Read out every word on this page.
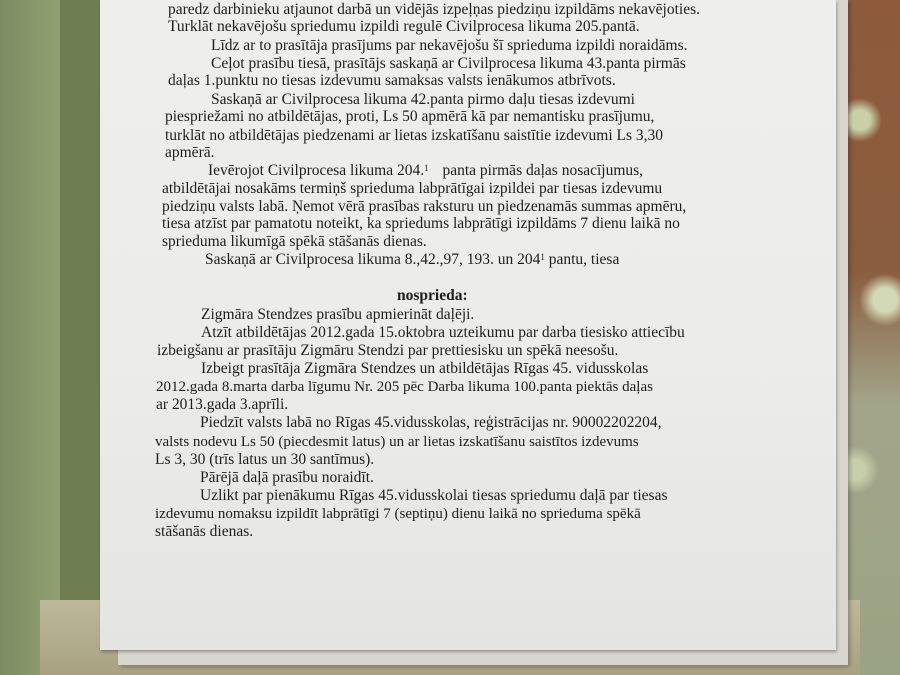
paredz darbinieku atjaunot darbā un vidējās izpeļņas piedziņu izpildāms nekavējoties.
Turklāt nekavējošu spriedumu izpildi regulē Civilprocesa likuma 205.pantā.
Līdz ar to prasītāja prasījums par nekavējošu šī sprieduma izpildi noraidāms.
Ceļot prasību tiesā, prasītājs saskaņā ar Civilprocesa likuma 43.panta pirmās
daļas 1.punktu no tiesas izdevumu samaksas valsts ienākumos atbrīvots.
Saskaņā ar Civilprocesa likuma 42.panta pirmo daļu tiesas izdevumi
piespriežami no atbildētājas, proti, Ls 50 apmērā kā par nemantisku prasījumu,
turklāt no atbildētājas piedzenami ar lietas izskatīšanu saistītie izdevumi Ls 3,30
apmērā.
Ievērojot Civilprocesa likuma 204.$^1$ panta pirmās daļas nosacījumus,
atbildētājai nosakāms termiņš sprieduma labprātīgai izpildei par tiesas izdevumu
piedziņu valsts labā. Ņemot vērā prasības raksturu un piedzenamās summas apmēru,
tiesa atzīst par pamatotu noteikt, ka spriedums labprātīgi izpildāms 7 dienu laikā no
sprieduma likumīgā spēkā stāšanās dienas.
Saskaņā ar Civilprocesa likuma 8.,42.,97, 193. un $204^1$ pantu, tiesa
nospriedа:
Zigmāra Stendzes prasību apmierināt daļēji.
Atzīt atbildētājas 2012.gada 15.oktobra uzteikumu par darba tiesisko attiecību
izbeigšanu ar prasītāju Zigmāru Stendzi par prettiesisku un spēkā neesošu.
Izbeigt prasītāja Zigmāra Stendzes un atbildētājas Rīgas 45. vidusskolas
2012.gada 8.marta darba līgumu Nr. 205 pēc Darba likuma 100.panta piektās daļas
ar 2013.gada 3.aprīli.
Piedzīt valsts labā no Rīgas 45.vidusskolas, reģistrācijas nr. 90002202204,
valsts nodevu Ls 50 (piecdesmit latus) un ar lietas izskatīšanu saistītos izdevums
Ls 3, 30 (trīs latus un 30 santīmus).
Pārējā daļā prasību noraidīt.
Uzlikt par pienākumu Rīgas 45.vidusskolai tiesas spriedumu daļā par tiesas
izdevumu nomaksu izpildīt labprātīgi 7 (septiņu) dienu laikā no sprieduma spēkā
stāšanās dienas.
